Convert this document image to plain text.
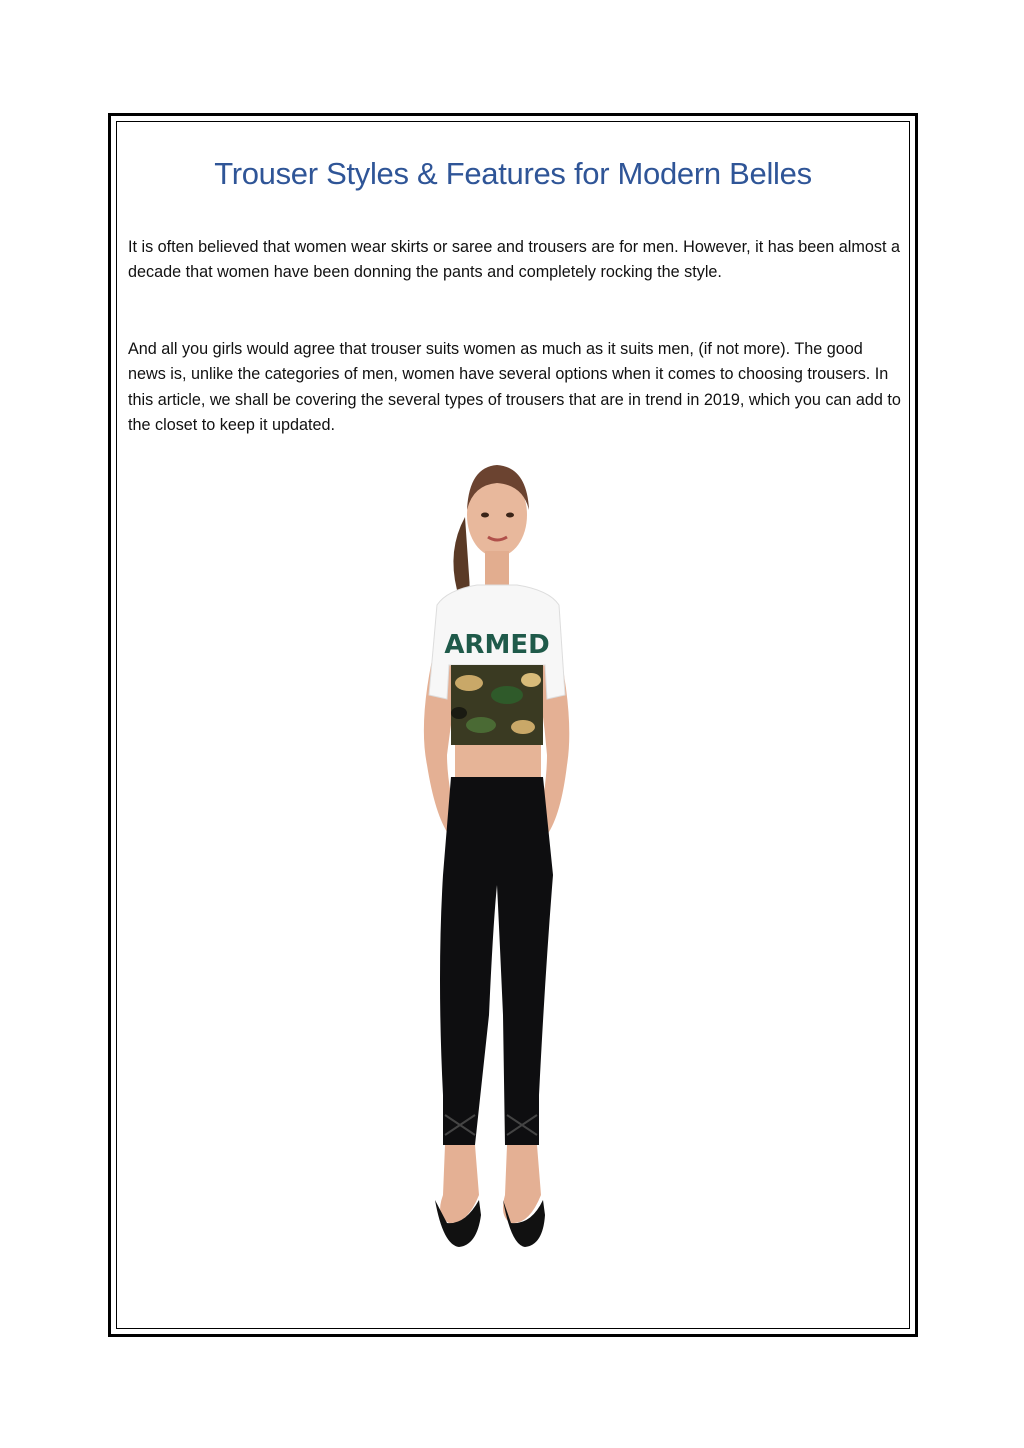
Trouser Styles & Features for Modern Belles

It is often believed that women wear skirts or saree and trousers are for men. However, it has been almost a decade that women have been donning the pants and completely rocking the style.

And all you girls would agree that trouser suits women as much as it suits men, (if not more). The good news is, unlike the categories of men, women have several options when it comes to choosing trousers. In this article, we shall be covering the several types of trousers that are in trend in 2019, which you can add to the closet to keep it updated.

ARMED
